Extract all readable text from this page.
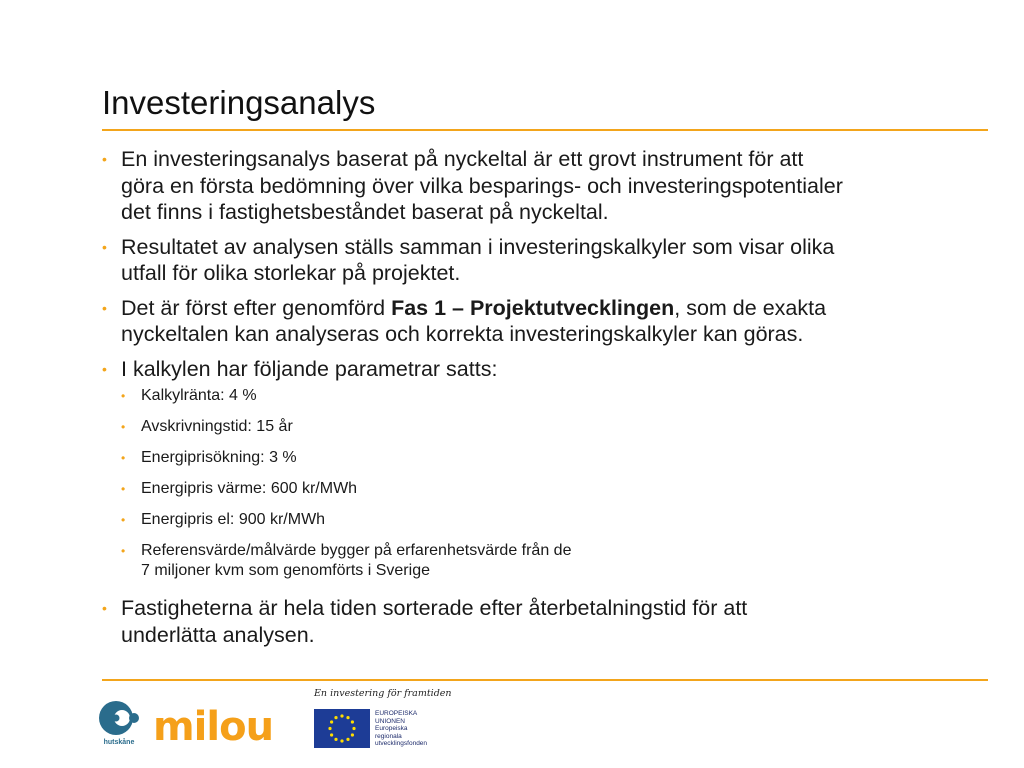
Investeringsanalys
• En investeringsanalys baserat på nyckeltal är ett grovt instrument för att
göra en första bedömning över vilka besparings- och investeringspotentialer
det finns i fastighetsbeståndet baserat på nyckeltal.
• Resultatet av analysen ställs samman i investeringskalkyler som visar olika
utfall för olika storlekar på projektet.
• Det är först efter genomförd Fas 1 – Projektutvecklingen, som de exakta
nyckeltalen kan analyseras och korrekta investeringskalkyler kan göras.
• I kalkylen har följande parametrar satts:
• Kalkylränta: 4 %
• Avskrivningstid: 15 år
• Energiprisökning: 3 %
• Energipris värme: 600 kr/MWh
• Energipris el: 900 kr/MWh
• Referensvärde/målvärde bygger på erfarenhetsvärde från de
7 miljoner kvm som genomförts i Sverige
• Fastigheterna är hela tiden sorterade efter återbetalningstid för att
underlätta analysen.
En investering för framtiden
hutskåne milou	EUROPEISKA
UNIONEN
Europeiska
regionala
utvecklingsfonden
